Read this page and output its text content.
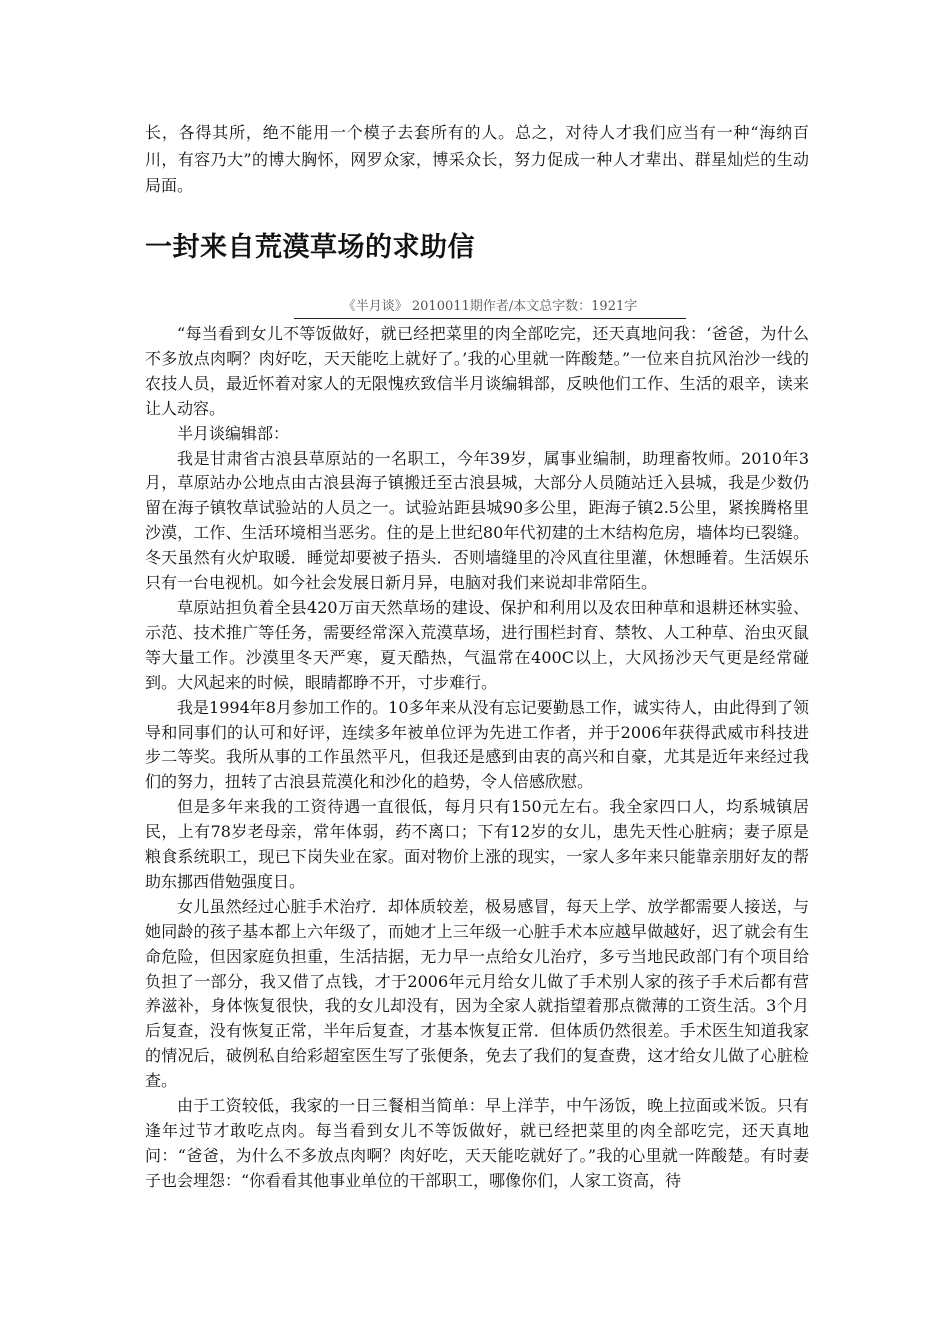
长，各得其所，绝不能用一个模子去套所有的人。总之，对待人才我们应当有一种“海纳百川，有容乃大”的博大胸怀，网罗众家，博采众长，努力促成一种人才辈出、群星灿烂的生动局面。

一封来自荒漠草场的求助信
《半月谈》 2010011期作者/本文总字数：1921字

“每当看到女儿不等饭做好，就已经把菜里的肉全部吃完，还天真地问我：‘爸爸，为什么不多放点肉啊？肉好吃，天天能吃上就好了。’我的心里就一阵酸楚。”一位来自抗风治沙一线的农技人员，最近怀着对家人的无限愧疚致信半月谈编辑部，反映他们工作、生活的艰辛，读来让人动容。

半月谈编辑部：

我是甘肃省古浪县草原站的一名职工，今年39岁，属事业编制，助理畜牧师。2010年3月，草原站办公地点由古浪县海子镇搬迁至古浪县城，大部分人员随站迁入县城，我是少数仍留在海子镇牧草试验站的人员之一。试验站距县城90多公里，距海子镇2.5公里，紧挨腾格里沙漠，工作、生活环境相当恶劣。住的是上世纪80年代初建的土木结构危房，墙体均已裂缝。冬天虽然有火炉取暖．睡觉却要被子捂头．否则墙缝里的冷风直往里灌，休想睡着。生活娱乐只有一台电视机。如今社会发展日新月异，电脑对我们来说却非常陌生。

草原站担负着全县420万亩天然草场的建设、保护和利用以及农田种草和退耕还林实验、示范、技术推广等任务，需要经常深入荒漠草场，进行围栏封育、禁牧、人工种草、治虫灭鼠等大量工作。沙漠里冬天严寒，夏天酷热，气温常在400C以上，大风扬沙天气更是经常碰到。大风起来的时候，眼睛都睁不开，寸步难行。

我是1994年8月参加工作的。10多年来从没有忘记要勤恳工作，诚实待人，由此得到了领导和同事们的认可和好评，连续多年被单位评为先进工作者，并于2006年获得武威市科技进步二等奖。我所从事的工作虽然平凡，但我还是感到由衷的高兴和自豪，尤其是近年来经过我们的努力，扭转了古浪县荒漠化和沙化的趋势，令人倍感欣慰。

但是多年来我的工资待遇一直很低，每月只有150元左右。我全家四口人，均系城镇居民，上有78岁老母亲，常年体弱，药不离口；下有12岁的女儿，患先天性心脏病；妻子原是粮食系统职工，现已下岗失业在家。面对物价上涨的现实，一家人多年来只能靠亲朋好友的帮助东挪西借勉强度日。

女儿虽然经过心脏手术治疗．却体质较差，极易感冒，每天上学、放学都需要人接送，与她同龄的孩子基本都上六年级了，而她才上三年级一心脏手术本应越早做越好，迟了就会有生命危险，但因家庭负担重，生活拮据，无力早一点给女儿治疗，多亏当地民政部门有个项目给负担了一部分，我又借了点钱，才于2006年元月给女儿做了手术别人家的孩子手术后都有营养滋补，身体恢复很快，我的女儿却没有，因为全家人就指望着那点微薄的工资生活。3个月后复查，没有恢复正常，半年后复查，才基本恢复正常．但体质仍然很差。手术医生知道我家的情况后，破例私自给彩超室医生写了张便条，免去了我们的复查费，这才给女儿做了心脏检查。

由于工资较低，我家的一日三餐相当简单：早上洋芋，中午汤饭，晚上拉面或米饭。只有逢年过节才敢吃点肉。每当看到女儿不等饭做好，就已经把菜里的肉全部吃完，还天真地问：“爸爸，为什么不多放点肉啊？肉好吃，天天能吃就好了。”我的心里就一阵酸楚。有时妻子也会埋怨：“你看看其他事业单位的干部职工，哪像你们，人家工资高，待
